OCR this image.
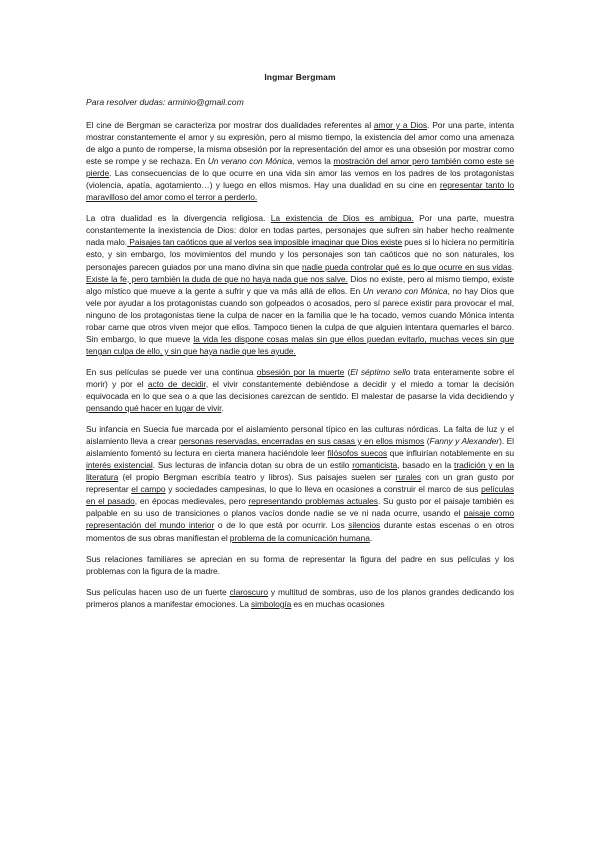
Ingmar Bergmam
Para resolver dudas: arminio@gmail.com

El cine de Bergman se caracteriza por mostrar dos dualidades referentes al amor y a Dios. Por una parte, intenta mostrar constantemente el amor y su expresión, pero al mismo tiempo, la existencia del amor como una amenaza de algo a punto de romperse, la misma obsesión por la representación del amor es una obsesión por mostrar como este se rompe y se rechaza. En Un verano con Mónica, vemos la mostración del amor pero también como este se pierde. Las consecuencias de lo que ocurre en una vida sin amor las vemos en los padres de los protagonistas (violencia, apatía, agotamiento…) y luego en ellos mismos. Hay una dualidad en su cine en representar tanto lo maravilloso del amor como el terror a perderlo.

La otra dualidad es la divergencia religiosa. La existencia de Dios es ambigua. Por una parte, muestra constantemente la inexistencia de Dios: dolor en todas partes, personajes que sufren sin haber hecho realmente nada malo. Paisajes tan caóticos que al verlos sea imposible imaginar que Dios existe pues si lo hiciera no permitiría esto, y sin embargo, los movimientos del mundo y los personajes son tan caóticos que no son naturales, los personajes parecen guiados por una mano divina sin que nadie pueda controlar qué es lo que ocurre en sus vidas. Existe la fe, pero también la duda de que no haya nada que nos salve. Dios no existe, pero al mismo tiempo, existe algo místico que mueve a la gente a sufrir y que va más allá de ellos. En Un verano con Mónica, no hay Dios que vele por ayudar a los protagonistas cuando son golpeados o acosados, pero sí parece existir para provocar el mal, ninguno de los protagonistas tiene la culpa de nacer en la familia que le ha tocado, vemos cuando Mónica intenta robar carne que otros viven mejor que ellos. Tampoco tienen la culpa de que alguien intentara quemarles el barco. Sin embargo, lo que mueve la vida les dispone cosas malas sin que ellos puedan evitarlo, muchas veces sin que tengan culpa de ello, y sin que haya nadie que les ayude.

En sus películas se puede ver una continua obsesión por la muerte (El séptimo sello trata enteramente sobre el morir) y por el acto de decidir, el vivir constantemente debiéndose a decidir y el miedo a tomar la decisión equivocada en lo que sea o a que las decisiones carezcan de sentido. El malestar de pasarse la vida decidiendo y pensando qué hacer en lugar de vivir.

Su infancia en Suecia fue marcada por el aislamiento personal típico en las culturas nórdicas. La falta de luz y el aislamiento lleva a crear personas reservadas, encerradas en sus casas y en ellos mismos (Fanny y Alexander). El aislamiento fomentó su lectura en cierta manera haciéndole leer filósofos suecos que influirían notablemente en su interés existencial. Sus lecturas de infancia dotan su obra de un estilo romanticista, basado en la tradición y en la literatura (el propio Bergman escribía teatro y libros). Sus paisajes suelen ser rurales con un gran gusto por representar el campo y sociedades campesinas, lo que lo lleva en ocasiones a construir el marco de sus películas en el pasado, en épocas medievales, pero representando problemas actuales. Su gusto por el paisaje también es palpable en su uso de transiciones o planos vacíos donde nadie se ve ni nada ocurre, usando el paisaje como representación del mundo interior o de lo que está por ocurrir. Los silencios durante estas escenas o en otros momentos de sus obras manifiestan el problema de la comunicación humana.

Sus relaciones familiares se aprecian en su forma de representar la figura del padre en sus películas y los problemas con la figura de la madre.

Sus películas hacen uso de un fuerte claroscuro y multitud de sombras, uso de los planos grandes dedicando los primeros planos a manifestar emociones. La simbología es en muchas ocasiones
